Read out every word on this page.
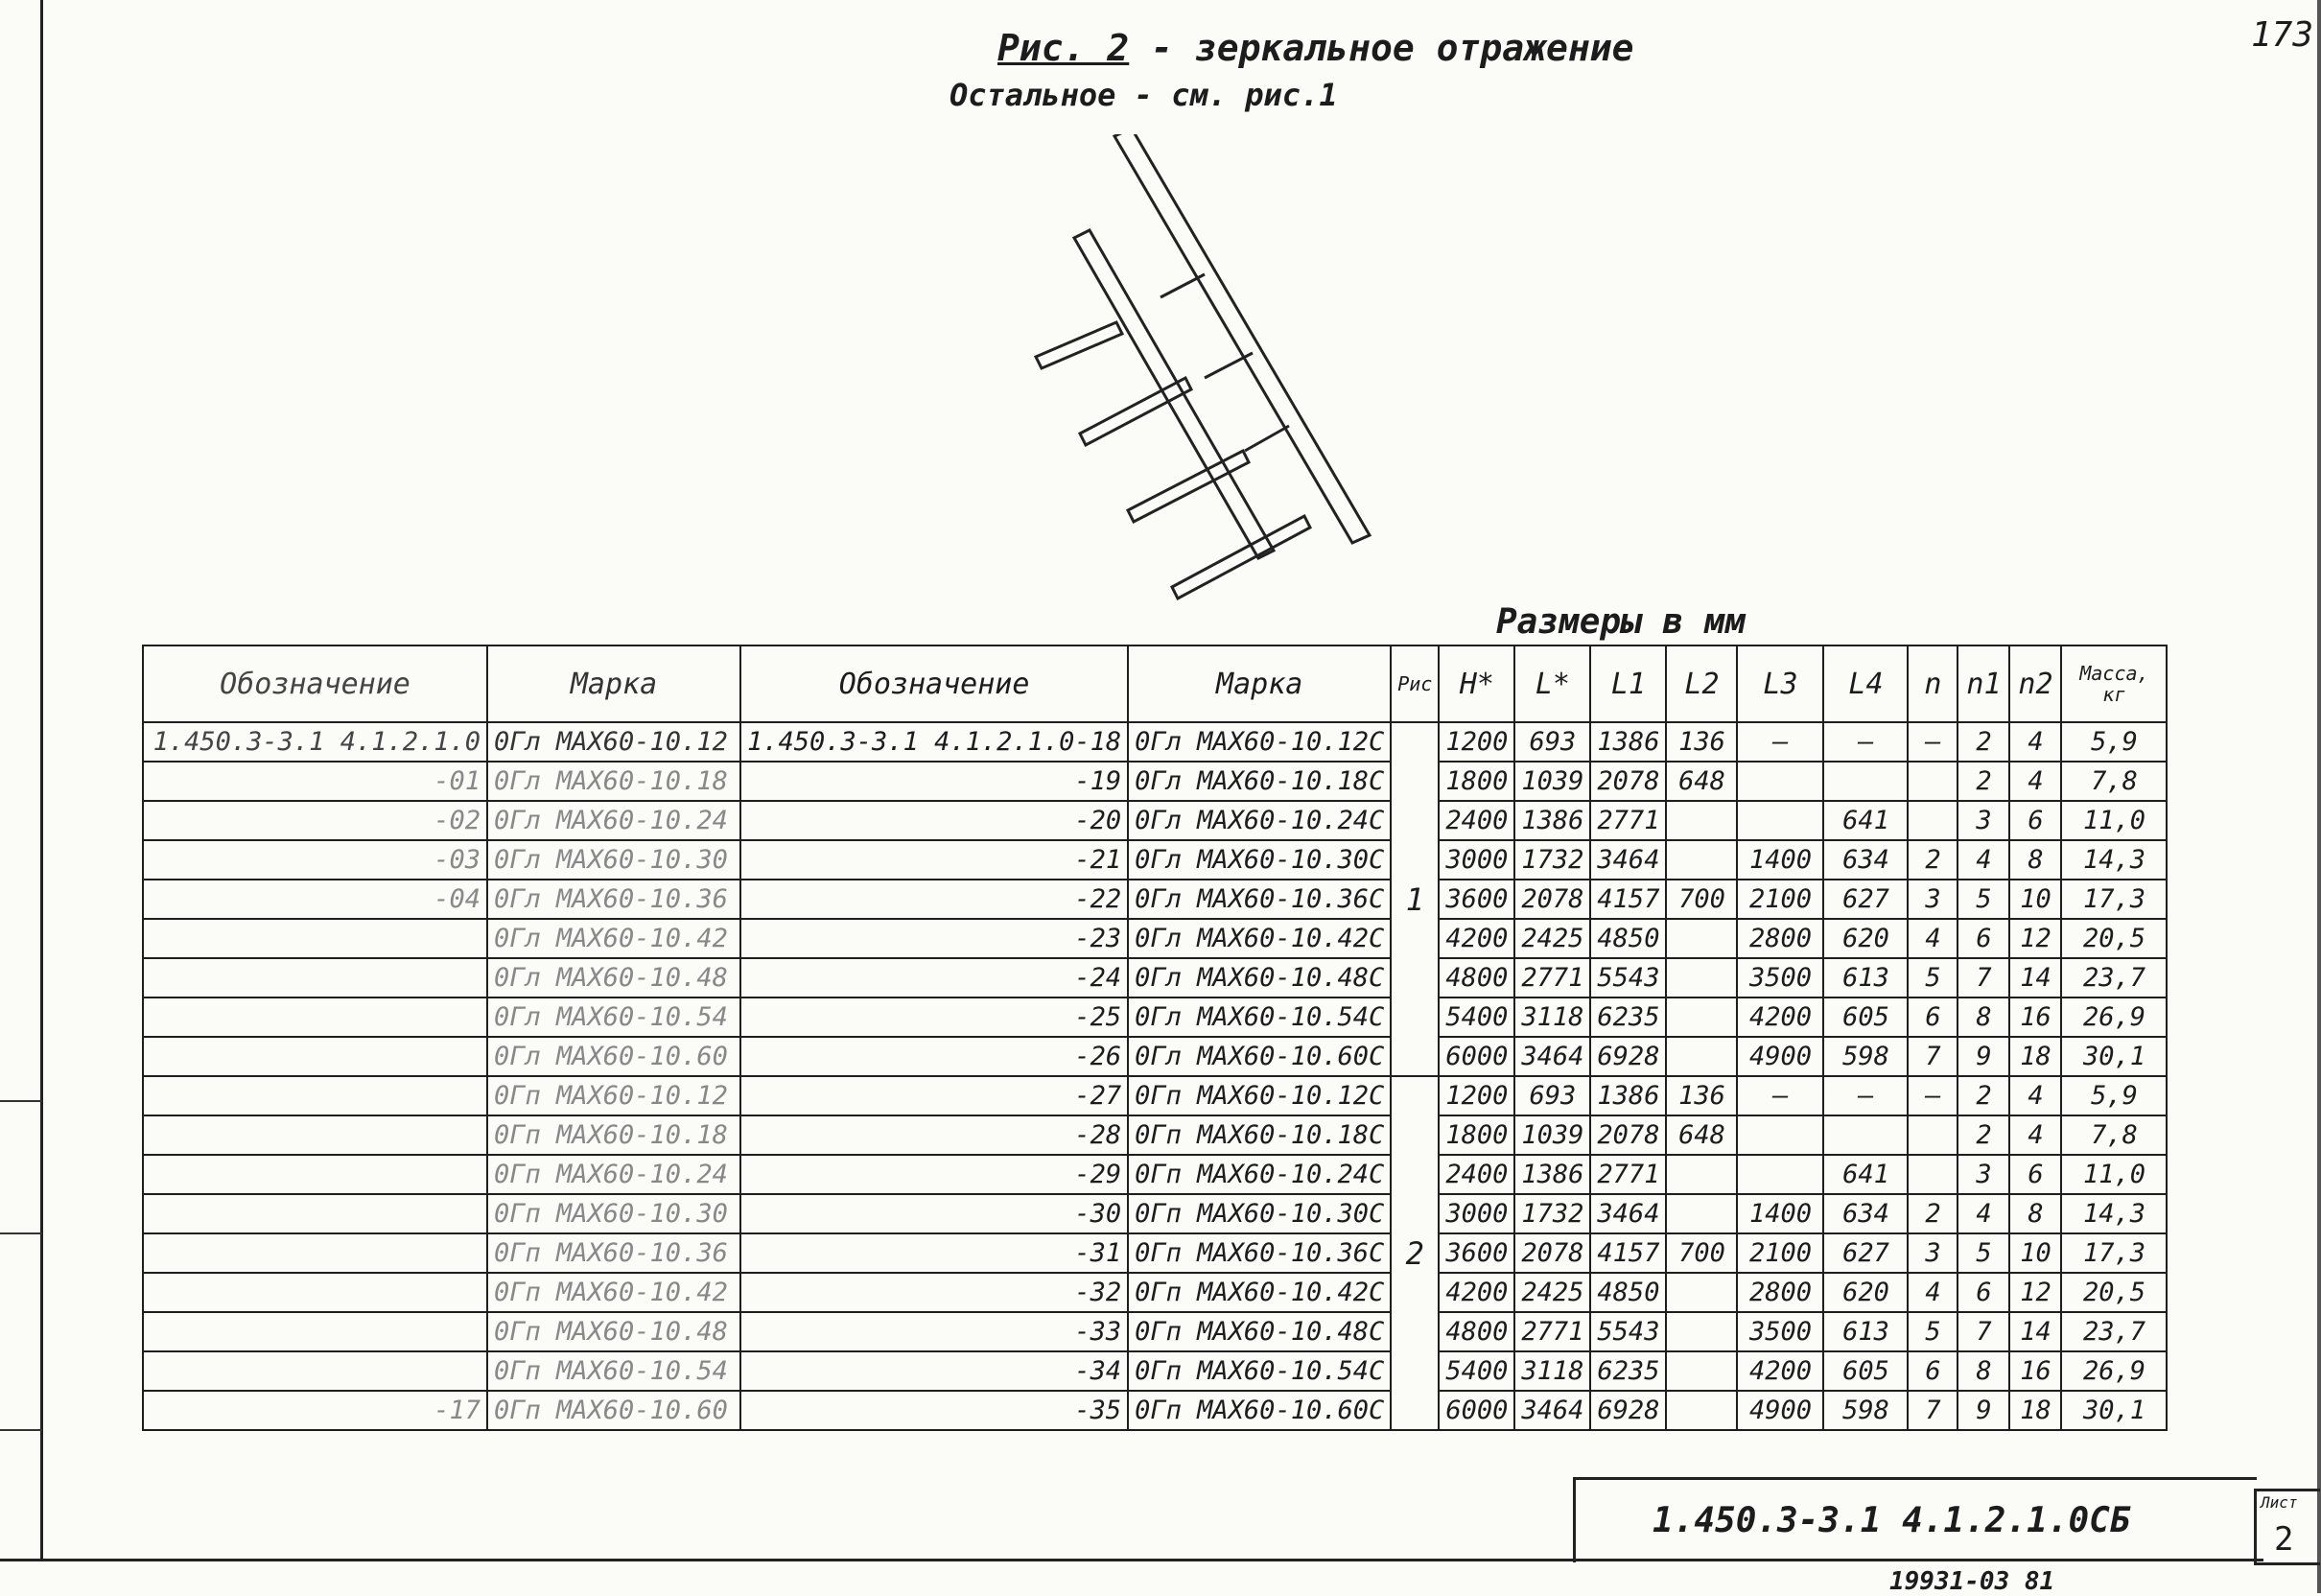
173
Рис. 2 - зеркальное отражение
Остальное - см. рис.1
Размеры в мм
Обозначение	Марка	Обозначение	Марка	Рис	H*	L*	L1	L2	L3	L4	n	n1	n2	Масса, кг
1.450.3-3.1 4.1.2.1.0	0Гл МАХ60-10.12	1.450.3-3.1 4.1.2.1.0-18	0Гл МАХ60-10.12С	1	1200	693	1386	136	—	—	—	2	4	5,9
-01	0Гл МАХ60-10.18	-19	0Гл МАХ60-10.18С		1800	1039	2078	648				2	4	7,8
-02	0Гл МАХ60-10.24	-20	0Гл МАХ60-10.24С		2400	1386	2771			641		3	6	11,0
-03	0Гл МАХ60-10.30	-21	0Гл МАХ60-10.30С		3000	1732	3464		1400	634	2	4	8	14,3
-04	0Гл МАХ60-10.36	-22	0Гл МАХ60-10.36С		3600	2078	4157	700	2100	627	3	5	10	17,3
	0Гл МАХ60-10.42	-23	0Гл МАХ60-10.42С		4200	2425	4850		2800	620	4	6	12	20,5
	0Гл МАХ60-10.48	-24	0Гл МАХ60-10.48С		4800	2771	5543		3500	613	5	7	14	23,7
	0Гл МАХ60-10.54	-25	0Гл МАХ60-10.54С		5400	3118	6235		4200	605	6	8	16	26,9
	0Гл МАХ60-10.60	-26	0Гл МАХ60-10.60С		6000	3464	6928		4900	598	7	9	18	30,1
	0Гп МАХ60-10.12	-27	0Гп МАХ60-10.12С	2	1200	693	1386	136	—	—	—	2	4	5,9
	0Гп МАХ60-10.18	-28	0Гп МАХ60-10.18С		1800	1039	2078	648				2	4	7,8
	0Гп МАХ60-10.24	-29	0Гп МАХ60-10.24С		2400	1386	2771			641		3	6	11,0
	0Гп МАХ60-10.30	-30	0Гп МАХ60-10.30С		3000	1732	3464		1400	634	2	4	8	14,3
	0Гп МАХ60-10.36	-31	0Гп МАХ60-10.36С		3600	2078	4157	700	2100	627	3	5	10	17,3
	0Гп МАХ60-10.42	-32	0Гп МАХ60-10.42С		4200	2425	4850		2800	620	4	6	12	20,5
	0Гп МАХ60-10.48	-33	0Гп МАХ60-10.48С		4800	2771	5543		3500	613	5	7	14	23,7
	0Гп МАХ60-10.54	-34	0Гп МАХ60-10.54С		5400	3118	6235		4200	605	6	8	16	26,9
-17	0Гп МАХ60-10.60	-35	0Гп МАХ60-10.60С		6000	3464	6928		4900	598	7	9	18	30,1
1.450.3-3.1 4.1.2.1.0СБ	Лист
2
19931-03 81
